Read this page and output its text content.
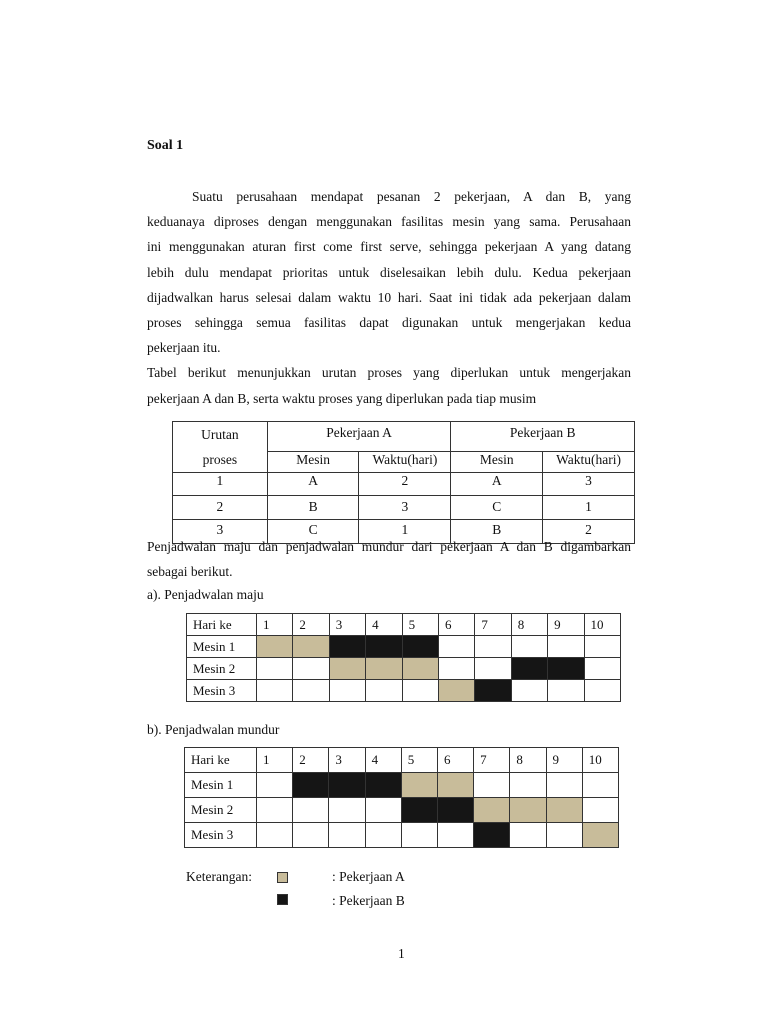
Soal 1
Suatu perusahaan mendapat pesanan 2 pekerjaan, A dan B, yang
keduanaya diproses dengan menggunakan fasilitas mesin yang sama. Perusahaan
ini menggunakan aturan first come first serve, sehingga pekerjaan A yang datang
lebih dulu mendapat prioritas untuk diselesaikan lebih dulu. Kedua pekerjaan
dijadwalkan harus selesai dalam waktu 10 hari. Saat ini tidak ada pekerjaan dalam
proses sehingga semua fasilitas dapat digunakan untuk mengerjakan kedua
pekerjaan itu.
Tabel berikut menunjukkan urutan proses yang diperlukan untuk mengerjakan
pekerjaan A dan B, serta waktu proses yang diperlukan pada tiap musim
Urutan
proses	Pekerjaan A		Pekerjaan B	
	Mesin	Waktu(hari)	Mesin	Waktu(hari)
1	A	2	A	3
2	B	3	C	1
3	C	1	B	2
Penjadwalan maju dan penjadwalan mundur dari pekerjaan A dan B digambarkan
sebagai berikut.
a). Penjadwalan maju
Hari ke	1	2	3	4	5	6	7	8	9	10
Mesin 1										
Mesin 2										
Mesin 3										
b). Penjadwalan mundur
Hari ke	1	2	3	4	5	6	7	8	9	10
Mesin 1										
Mesin 2										
Mesin 3										
Keterangan:	: Pekerjaan A
: Pekerjaan B
1
